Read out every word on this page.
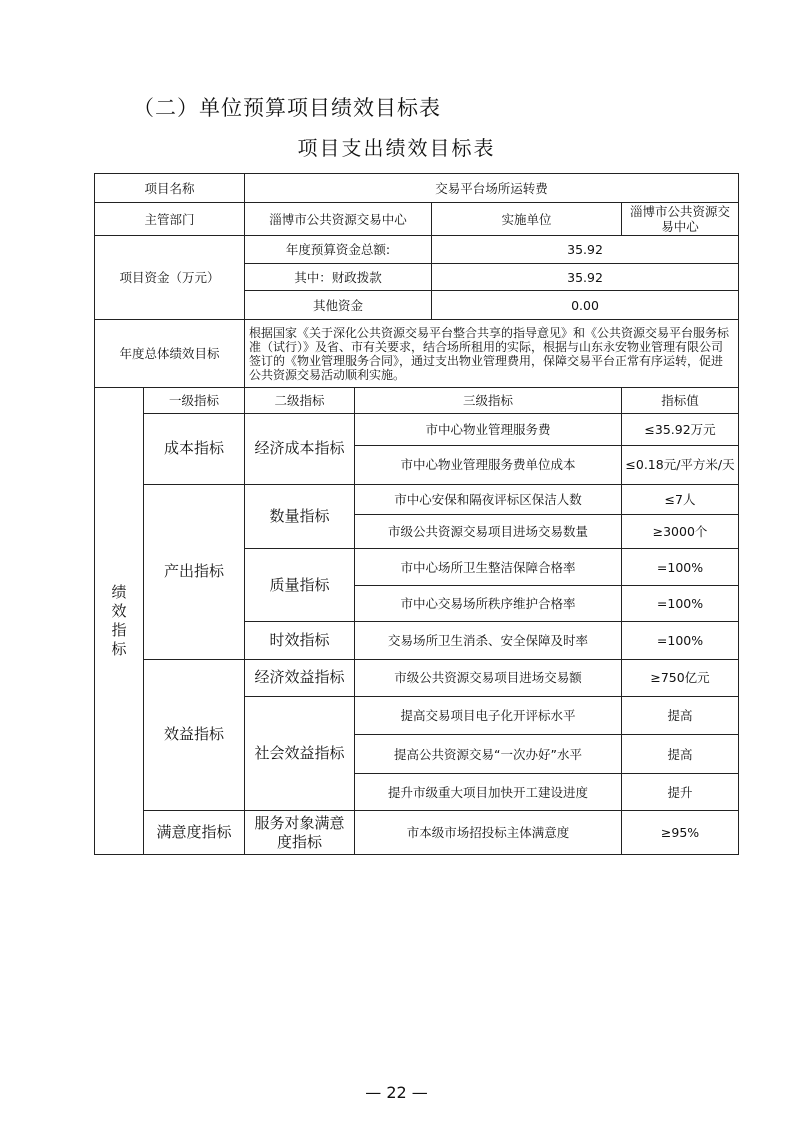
（二）单位预算项目绩效目标表
项目支出绩效目标表
项目名称		交易平台场所运转费			
主管部门		淄博市公共资源交易中心		实施单位	淄博市公共资源交易中心
项目资金（万元）		年度预算资金总额:		35.92	
		其中：财政拨款		35.92	
		其他资金		0.00	
年度总体绩效目标		根据国家《关于深化公共资源交易平台整合共享的指导意见》和《公共资源交易平台服务标准（试行）》及省、市有关要求，结合场所租用的实际，根据与山东永安物业管理有限公司签订的《物业管理服务合同》，通过支出物业管理费用，保障交易平台正常有序运转，促进公共资源交易活动顺利实施。			

绩
效
指
标	一级指标	二级指标	三级指标		指标值
	成本指标	经济成本指标	市中心物业管理服务费		≤35.92万元
			市中心物业管理服务费单位成本		≤0.18元/平方米/天
	产出指标	数量指标	市中心安保和隔夜评标区保洁人数		≤7人
			市级公共资源交易项目进场交易数量		≥3000个
		质量指标	市中心场所卫生整洁保障合格率		=100%
			市中心交易场所秩序维护合格率		=100%
		时效指标	交易场所卫生消杀、安全保障及时率		=100%
	效益指标	经济效益指标	市级公共资源交易项目进场交易额		≥750亿元
		社会效益指标	提高交易项目电子化开评标水平		提高
			提高公共资源交易“一次办好”水平		提高
			提升市级重大项目加快开工建设进度		提升
	满意度指标	服务对象满意度指标	市本级市场招投标主体满意度		≥95%
— 22 —
